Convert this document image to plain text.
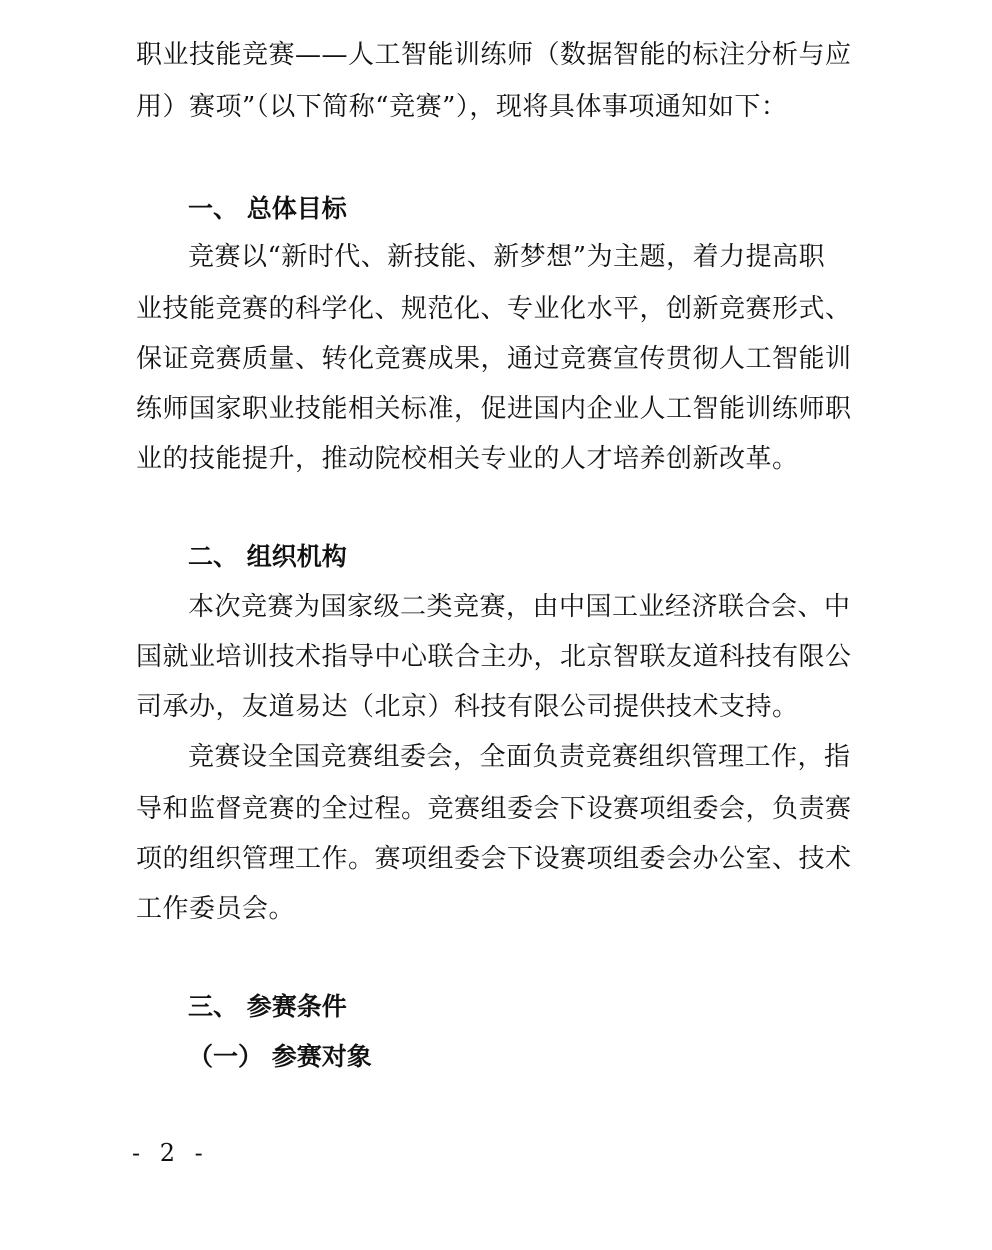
职业技能竞赛——人工智能训练师（数据智能的标注分析与应
用）赛项”（以下简称“竞赛”），现将具体事项通知如下：
一、 总体目标
竞赛以“新时代、新技能、新梦想”为主题，着力提高职
业技能竞赛的科学化、规范化、专业化水平，创新竞赛形式、
保证竞赛质量、转化竞赛成果，通过竞赛宣传贯彻人工智能训
练师国家职业技能相关标准，促进国内企业人工智能训练师职
业的技能提升，推动院校相关专业的人才培养创新改革。
二、 组织机构
本次竞赛为国家级二类竞赛，由中国工业经济联合会、中
国就业培训技术指导中心联合主办，北京智联友道科技有限公
司承办，友道易达（北京）科技有限公司提供技术支持。
竞赛设全国竞赛组委会，全面负责竞赛组织管理工作，指
导和监督竞赛的全过程。竞赛组委会下设赛项组委会，负责赛
项的组织管理工作。赛项组委会下设赛项组委会办公室、技术
工作委员会。
三、 参赛条件
（一） 参赛对象
- 2 -
